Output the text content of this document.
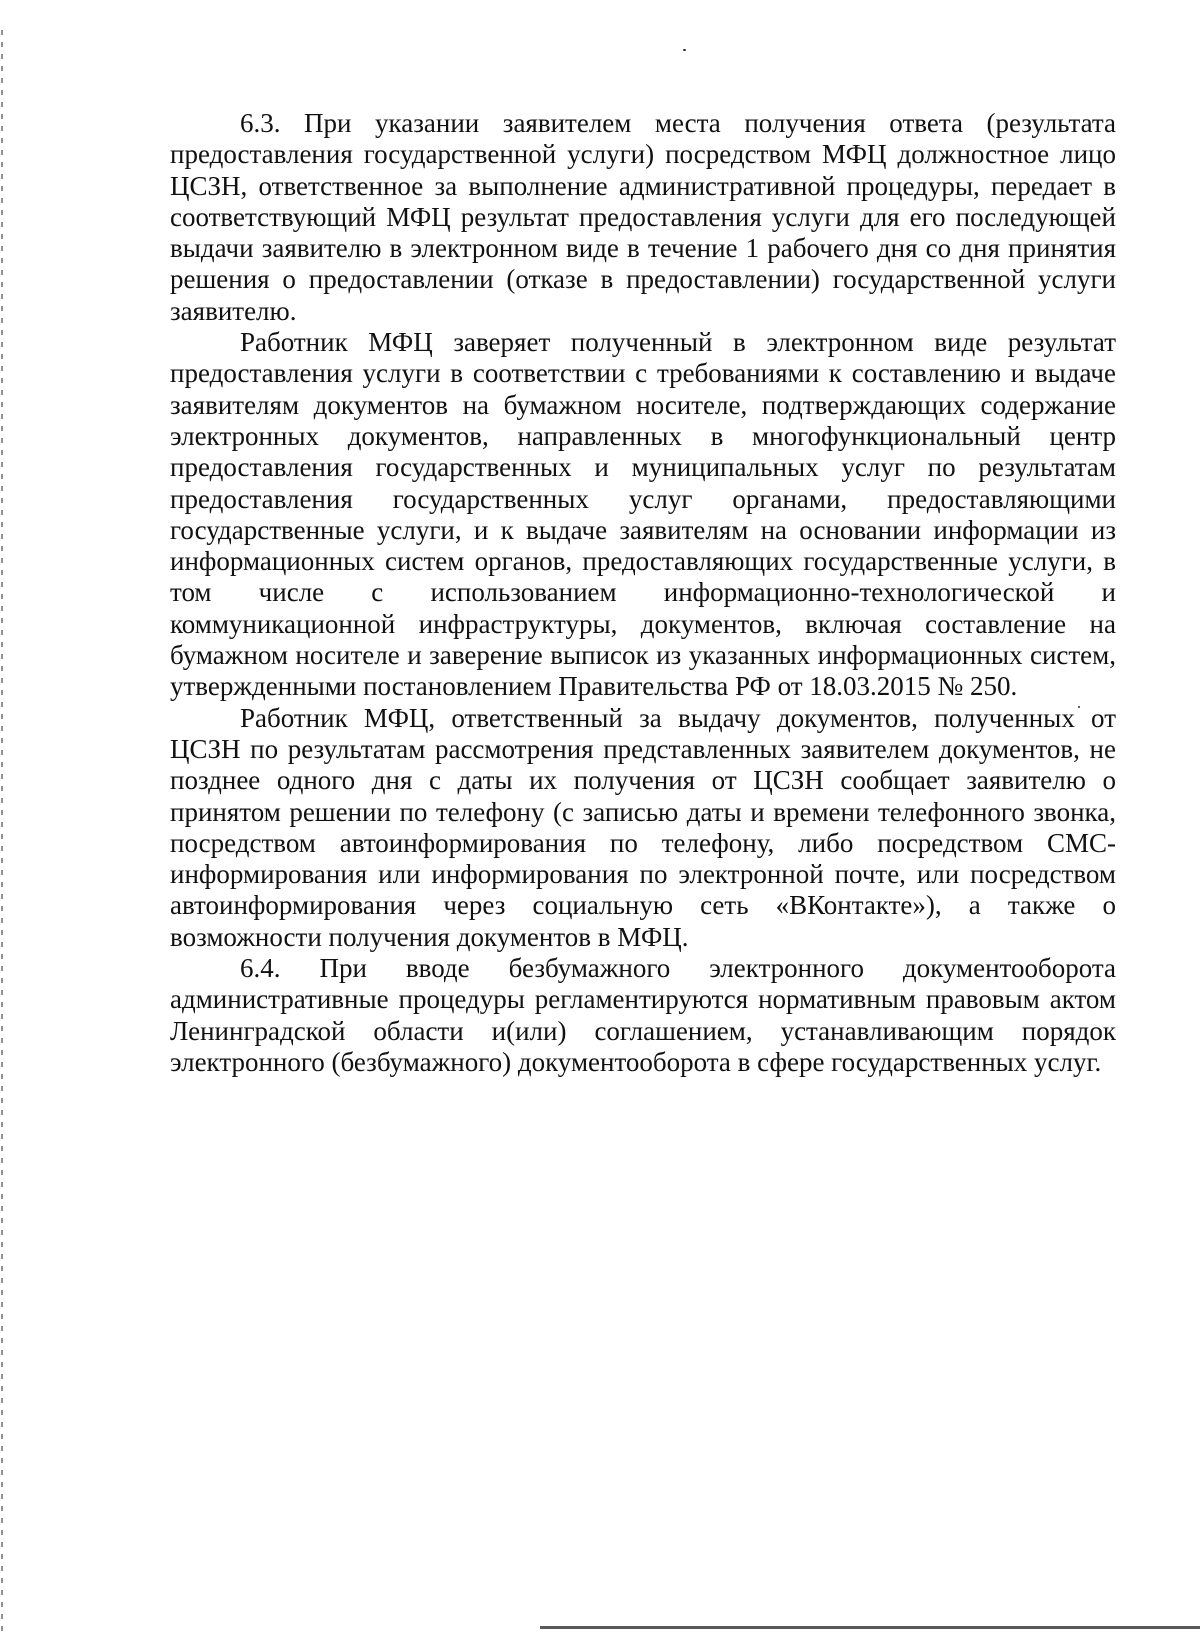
6.3. При указании заявителем места получения ответа (результата предоставления государственной услуги) посредством МФЦ должностное лицо ЦСЗН, ответственное за выполнение административной процедуры, передает в соответствующий МФЦ результат предоставления услуги для его последующей выдачи заявителю в электронном виде в течение 1 рабочего дня со дня принятия решения о предоставлении (отказе в предоставлении) государственной услуги заявителю.

Работник МФЦ заверяет полученный в электронном виде результат предоставления услуги в соответствии с требованиями к составлению и выдаче заявителям документов на бумажном носителе, подтверждающих содержание электронных документов, направленных в многофункциональный центр предоставления государственных и муниципальных услуг по результатам предоставления государственных услуг органами, предоставляющими государственные услуги, и к выдаче заявителям на основании информации из информационных систем органов, предоставляющих государственные услуги, в том числе с использованием информационно-технологической и коммуникационной инфраструктуры, документов, включая составление на бумажном носителе и заверение выписок из указанных информационных систем, утвержденными постановлением Правительства РФ от 18.03.2015 № 250.

Работник МФЦ, ответственный за выдачу документов, полученных от ЦСЗН по результатам рассмотрения представленных заявителем документов, не позднее одного дня с даты их получения от ЦСЗН сообщает заявителю о принятом решении по телефону (с записью даты и времени телефонного звонка, посредством автоинформирования по телефону, либо посредством СМС-информирования или информирования по электронной почте, или посредством автоинформирования через социальную сеть «ВКонтакте»), а также о возможности получения документов в МФЦ.

6.4. При вводе безбумажного электронного документооборота административные процедуры регламентируются нормативным правовым актом Ленинградской области и(или) соглашением, устанавливающим порядок электронного (безбумажного) документооборота в сфере государственных услуг.
